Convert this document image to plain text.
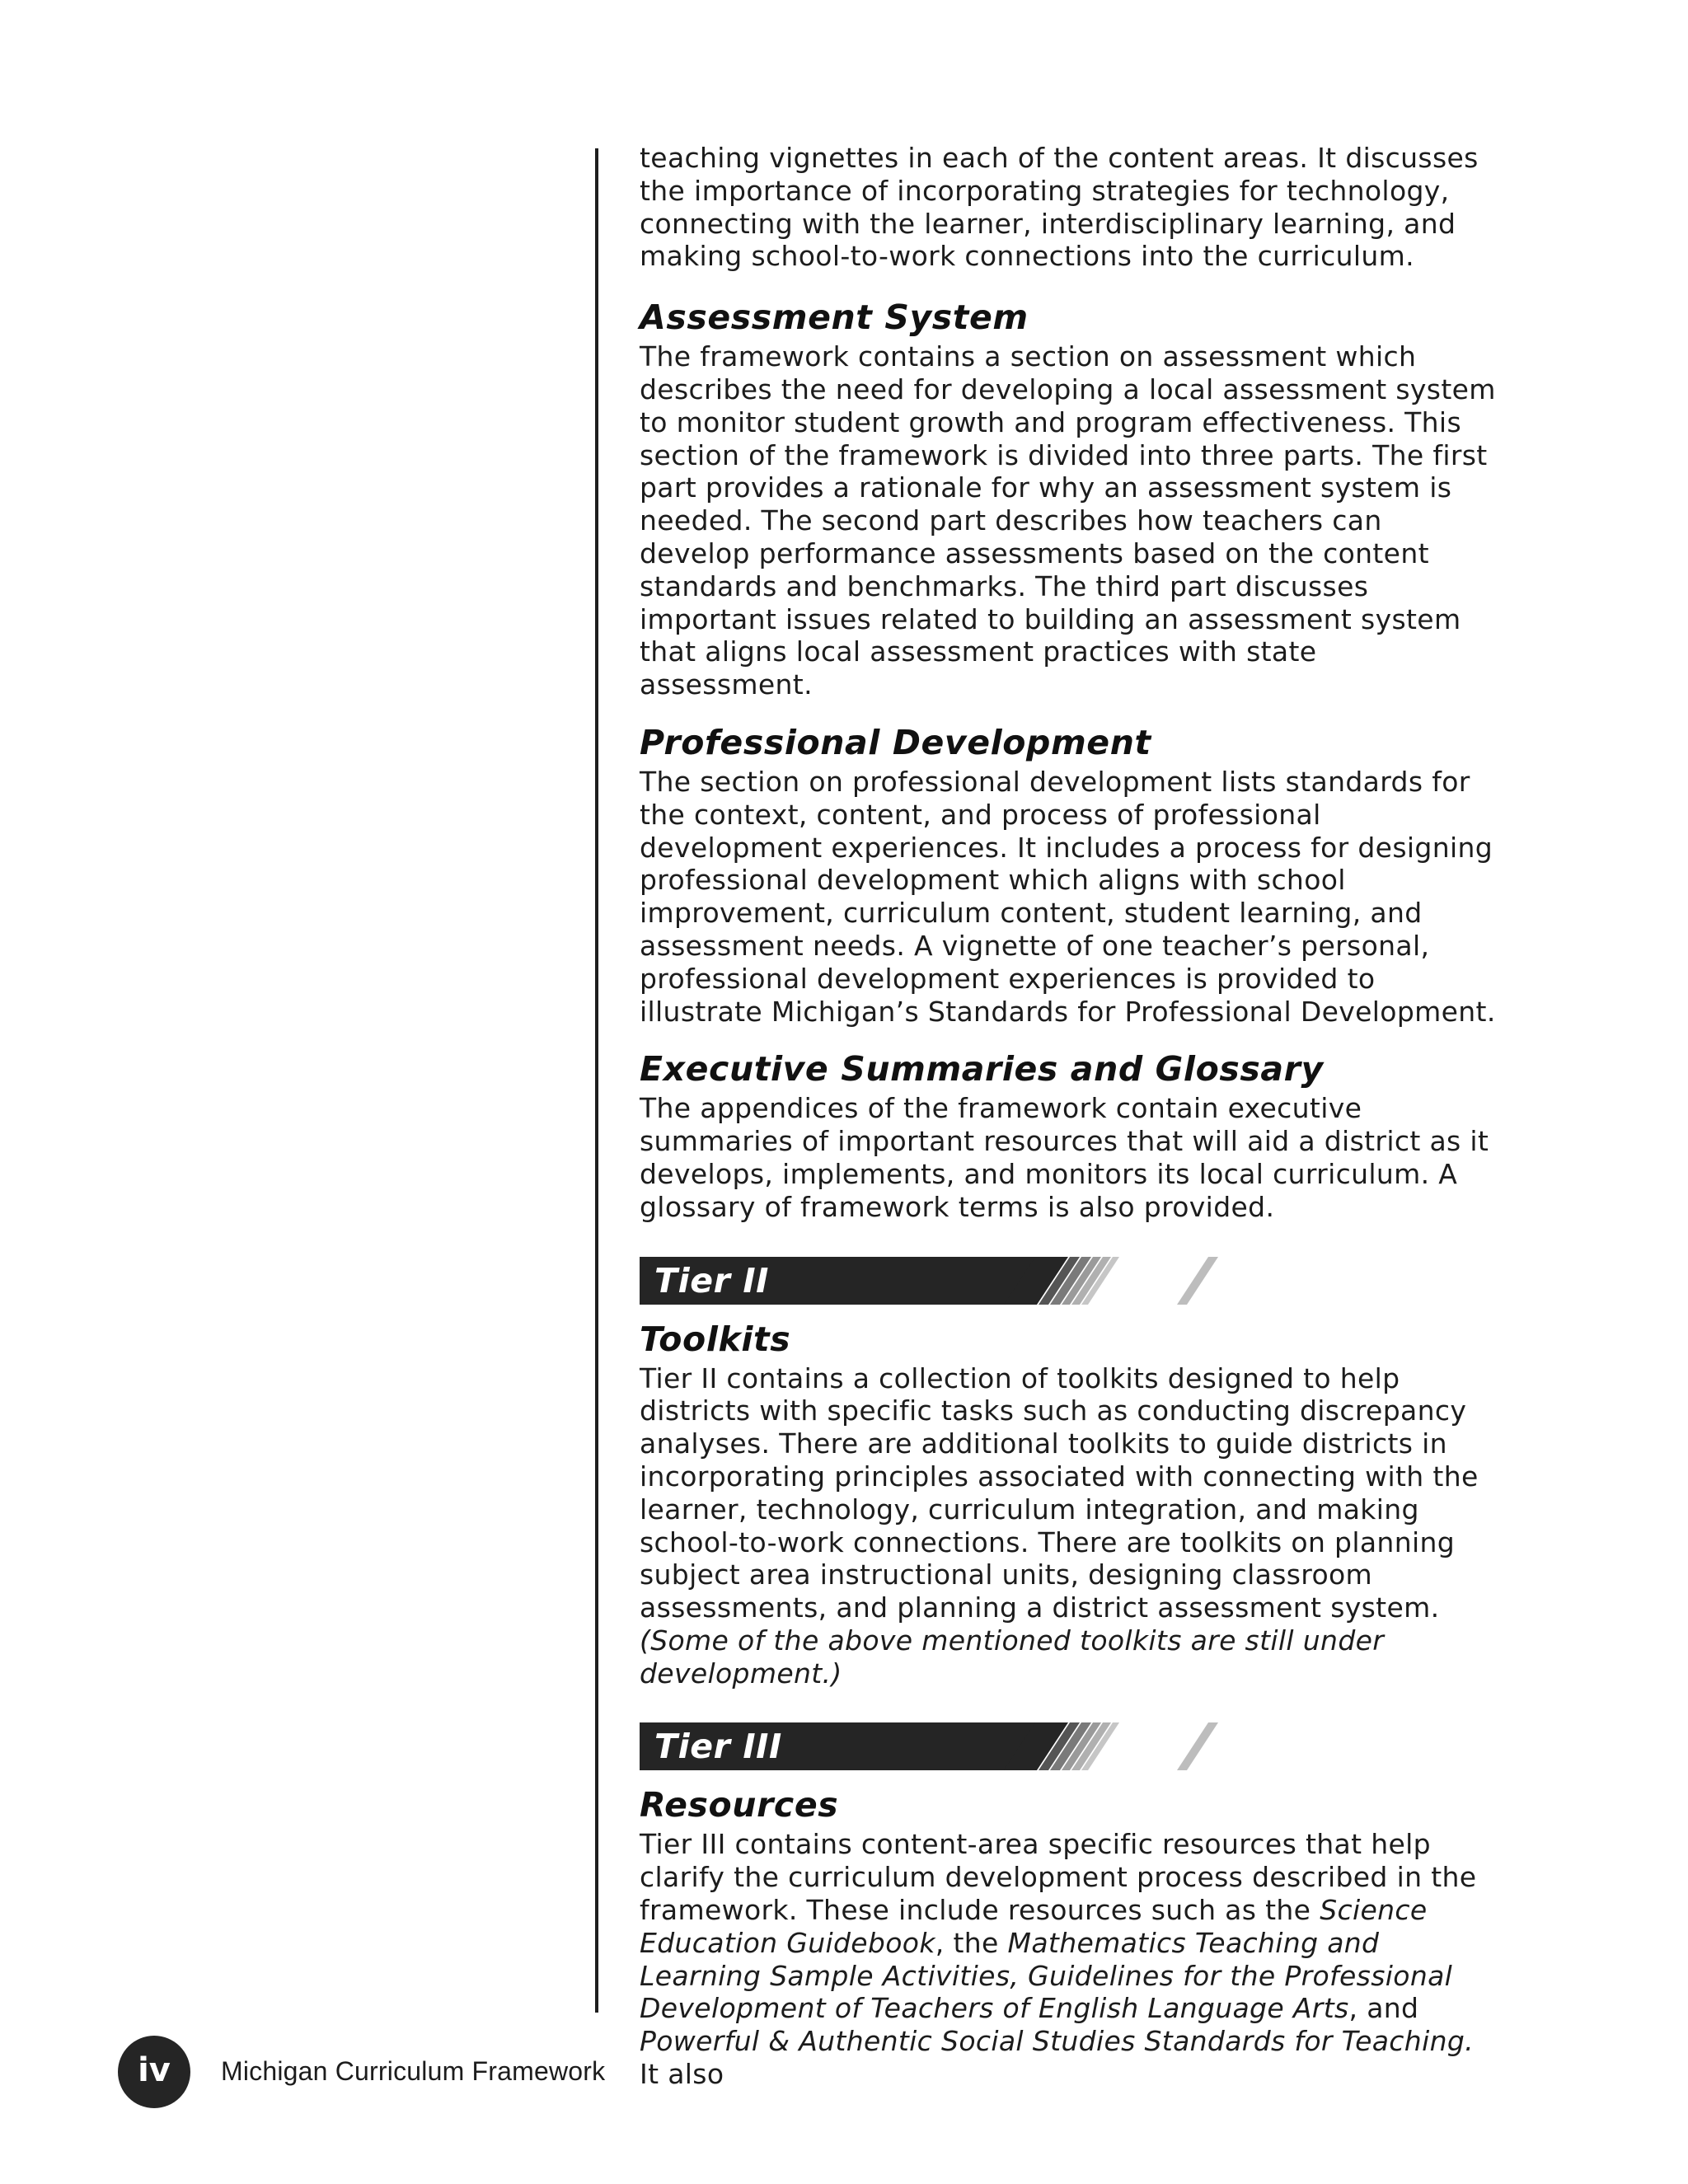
teaching vignettes in each of the content areas. It discusses the importance of incorporating strategies for technology, connecting with the learner, interdisciplinary learning, and making school-to-work connections into the curriculum.

Assessment System

The framework contains a section on assessment which describes the need for developing a local assessment system to monitor student growth and program effectiveness. This section of the framework is divided into three parts. The first part provides a rationale for why an assessment system is needed. The second part describes how teachers can develop performance assessments based on the content standards and benchmarks. The third part discusses important issues related to building an assessment system that aligns local assessment practices with state assessment.

Professional Development

The section on professional development lists standards for the context, content, and process of professional development experiences. It includes a process for designing professional development which aligns with school improvement, curriculum content, student learning, and assessment needs. A vignette of one teacher’s personal, professional development experiences is provided to illustrate Michigan’s Standards for Professional Development.

Executive Summaries and Glossary

The appendices of the framework contain executive summaries of important resources that will aid a district as it develops, implements, and monitors its local curriculum. A glossary of framework terms is also provided.

Tier II
Toolkits

Tier II contains a collection of toolkits designed to help districts with specific tasks such as conducting discrepancy analyses. There are additional toolkits to guide districts in incorporating principles associated with connecting with the learner, technology, curriculum integration, and making school-to-work connections. There are toolkits on planning subject area instructional units, designing classroom assessments, and planning a district assessment system. (Some of the above mentioned toolkits are still under development.)

Tier III
Resources

Tier III contains content-area specific resources that help clarify the curriculum development process described in the framework. These include resources such as the Science Education Guidebook, the Mathematics Teaching and Learning Sample Activities, Guidelines for the Professional Development of Teachers of English Language Arts, and Powerful & Authentic Social Studies Standards for Teaching. It also

iv	Michigan Curriculum Framework
